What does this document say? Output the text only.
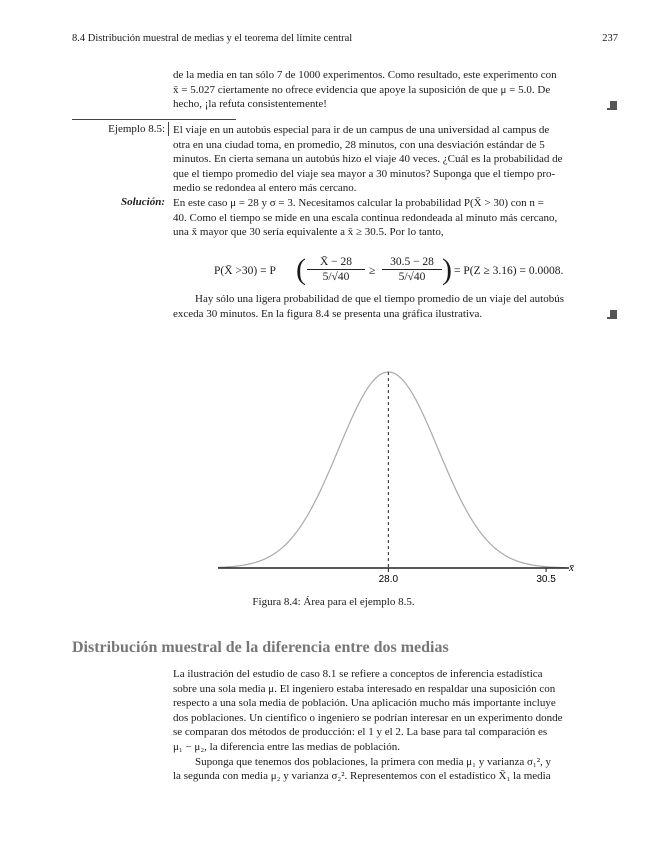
8.4 Distribución muestral de medias y el teorema del límite central	237

de la media en tan sólo 7 de 1000 experimentos. Como resultado, este experimento con

x̄ = 5.027 ciertamente no ofrece evidencia que apoye la suposición de que μ = 5.0. De

hecho, ¡la refuta consistentemente!

Ejemplo 8.5: El viaje en un autobús especial para ir de un campus de una universidad al campus de

otra en una ciudad toma, en promedio, 28 minutos, con una desviación estándar de 5

minutos. En cierta semana un autobús hizo el viaje 40 veces. ¿Cuál es la probabilidad de

que el tiempo promedio del viaje sea mayor a 30 minutos? Suponga que el tiempo pro-

medio se redondea al entero más cercano.

Solución: En este caso μ = 28 y σ = 3. Necesitamos calcular la probabilidad P(X̄ > 30) con n =

40. Como el tiempo se mide en una escala continua redondeada al minuto más cercano,

una x̄ mayor que 30 sería equivalente a x̄ ≥ 30.5. Por lo tanto,

P(X̄ >30) = P (	X̄ − 28
5/√40	≥
30.5 − 28
5/√40 ) = P(Z ≥ 3.16) = 0.0008.

Hay sólo una ligera probabilidad de que el tiempo promedio de un viaje del autobús

exceda 30 minutos. En la figura 8.4 se presenta una gráfica ilustrativa.

28.0	30.5
x̄
Figura 8.4: Área para el ejemplo 8.5.
Distribución muestral de la diferencia entre dos medias

La ilustración del estudio de caso 8.1 se refiere a conceptos de inferencia estadística

sobre una sola media μ. El ingeniero estaba interesado en respaldar una suposición con

respecto a una sola media de población. Una aplicación mucho más importante incluye

dos poblaciones. Un científico o ingeniero se podrían interesar en un experimento donde

se comparan dos métodos de producción: el 1 y el 2. La base para tal comparación es

μ₁ − μ₂, la diferencia entre las medias de población.

Suponga que tenemos dos poblaciones, la primera con media μ₁ y varianza σ₁², y

la segunda con media μ₂ y varianza σ₂². Representemos con el estadístico X̄₁ la media
